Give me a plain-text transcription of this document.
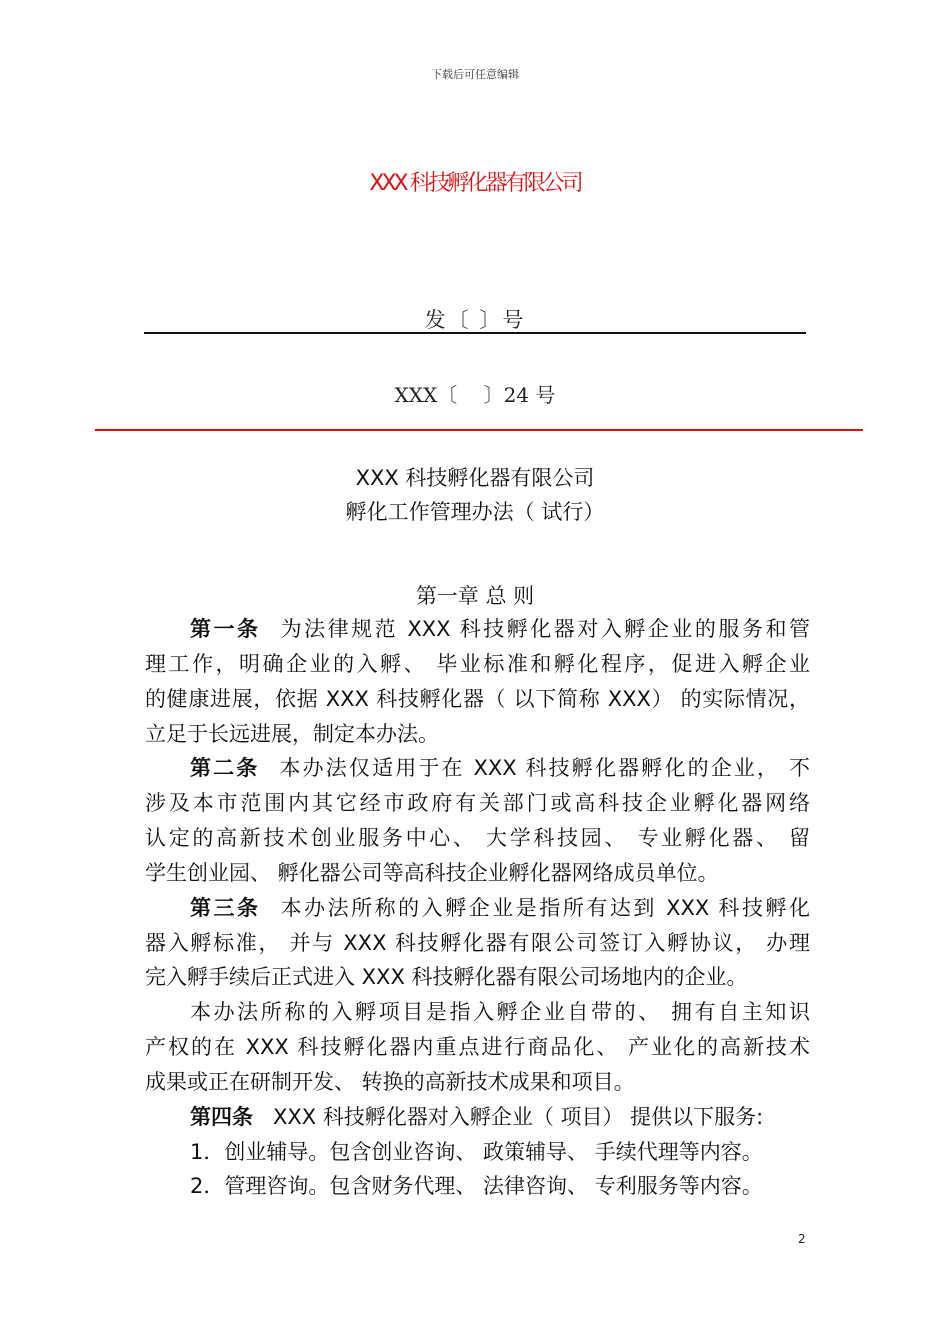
下载后可任意编辑
XXX 科技孵化器有限公司
发〔 〕号
XXX〔　 〕24 号
XXX 科技孵化器有限公司
孵化工作管理办法（ 试行）
第一章 总 则
第一条 为法律规范 XXX 科技孵化器对入孵企业的服务和管
理工作，明确企业的入孵、 毕业标准和孵化程序，促进入孵企业
的健康进展，依据 XXX 科技孵化器（ 以下简称 XXX） 的实际情况，
立足于长远进展，制定本办法。
第二条 本办法仅适用于在 XXX 科技孵化器孵化的企业， 不
涉及本市范围内其它经市政府有关部门或高科技企业孵化器网络
认定的高新技术创业服务中心、 大学科技园、 专业孵化器、 留
学生创业园、 孵化器公司等高科技企业孵化器网络成员单位。
第三条 本办法所称的入孵企业是指所有达到 XXX 科技孵化
器入孵标准， 并与 XXX 科技孵化器有限公司签订入孵协议， 办理
完入孵手续后正式进入 XXX 科技孵化器有限公司场地内的企业。
本办法所称的入孵项目是指入孵企业自带的、 拥有自主知识
产权的在 XXX 科技孵化器内重点进行商品化、 产业化的高新技术
成果或正在研制开发、 转换的高新技术成果和项目。
第四条 XXX 科技孵化器对入孵企业（ 项目） 提供以下服务:
1．创业辅导。包含创业咨询、 政策辅导、 手续代理等内容。
2．管理咨询。包含财务代理、 法律咨询、 专利服务等内容。
2
